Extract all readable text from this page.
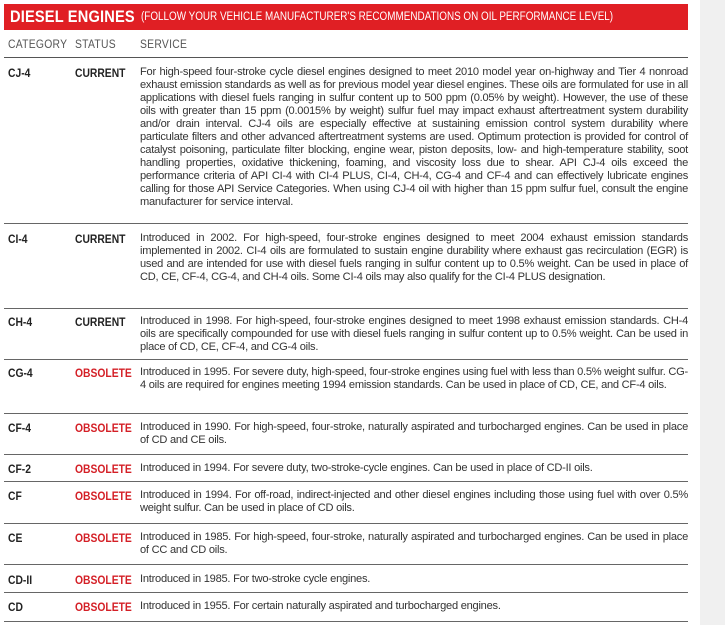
DIESEL ENGINES (FOLLOW YOUR VEHICLE MANUFACTURER'S RECOMMENDATIONS ON OIL PERFORMANCE LEVEL)
CATEGORY STATUS SERVICE
CJ-4	CURRENT For high-speed four-stroke cycle diesel engines designed to meet 2010 model year on-highway and Tier 4 nonroad exhaust emission standards as well as for previous model year diesel engines. These oils are formulated for use in all applications with diesel fuels ranging in sulfur content up to 500 ppm (0.05% by weight). However, the use of these oils with greater than 15 ppm (0.0015% by weight) sulfur fuel may impact exhaust aftertreatment system durability and/or drain interval. CJ-4 oils are especially effective at sustaining emission control system durability where particulate filters and other advanced aftertreatment systems are used. Optimum protection is provided for control of catalyst poisoning, particulate filter blocking, engine wear, piston deposits, low- and high-temperature stability, soot handling properties, oxidative thickening, foaming, and viscosity loss due to shear. API CJ-4 oils exceed the performance criteria of API CI-4 with CI-4 PLUS, CI-4, CH-4, CG-4 and CF-4 and can effectively lubricate engines calling for those API Service Categories. When using CJ-4 oil with higher than 15 ppm sulfur fuel, consult the engine manufacturer for service interval.
CI-4	CURRENT Introduced in 2002. For high-speed, four-stroke engines designed to meet 2004 exhaust emission standards implemented in 2002. CI-4 oils are formulated to sustain engine durability where exhaust gas recirculation (EGR) is used and are intended for use with diesel fuels ranging in sulfur content up to 0.5% weight. Can be used in place of CD, CE, CF-4, CG-4, and CH-4 oils. Some CI-4 oils may also qualify for the CI-4 PLUS designation.
CH-4	CURRENT Introduced in 1998. For high-speed, four-stroke engines designed to meet 1998 exhaust emission standards. CH-4 oils are specifically compounded for use with diesel fuels ranging in sulfur content up to 0.5% weight. Can be used in place of CD, CE, CF-4, and CG-4 oils.
CG-4	OBSOLETE Introduced in 1995. For severe duty, high-speed, four-stroke engines using fuel with less than 0.5% weight sulfur. CG-4 oils are required for engines meeting 1994 emission standards. Can be used in place of CD, CE, and CF-4 oils.
CF-4	OBSOLETE Introduced in 1990. For high-speed, four-stroke, naturally aspirated and turbocharged engines. Can be used in place of CD and CE oils.
CF-2	OBSOLETE Introduced in 1994. For severe duty, two-stroke-cycle engines. Can be used in place of CD-II oils.
CF	OBSOLETE Introduced in 1994. For off-road, indirect-injected and other diesel engines including those using fuel with over 0.5% weight sulfur. Can be used in place of CD oils.
CE	OBSOLETE Introduced in 1985. For high-speed, four-stroke, naturally aspirated and turbocharged engines. Can be used in place of CC and CD oils.
CD-II	OBSOLETE Introduced in 1985. For two-stroke cycle engines.
CD	OBSOLETE Introduced in 1955. For certain naturally aspirated and turbocharged engines.
